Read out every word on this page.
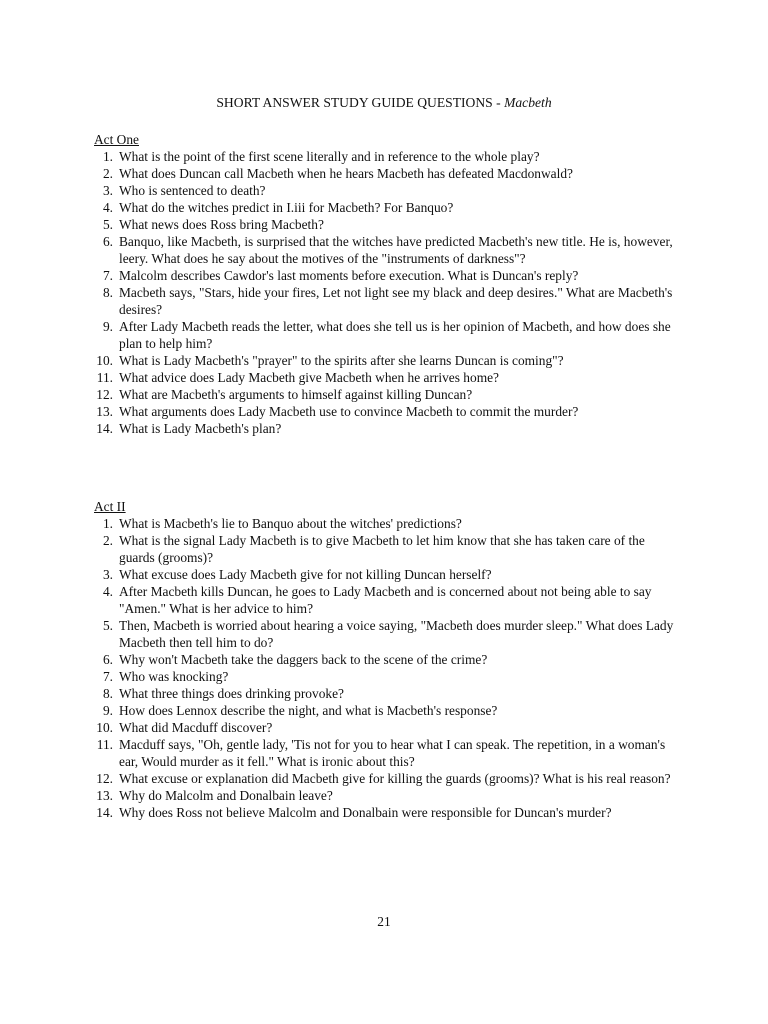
SHORT ANSWER STUDY GUIDE QUESTIONS - Macbeth
Act One
1. What is the point of the first scene literally and in reference to the whole play?
2. What does Duncan call Macbeth when he hears Macbeth has defeated Macdonwald?
3. Who is sentenced to death?
4. What do the witches predict in I.iii for Macbeth? For Banquo?
5. What news does Ross bring Macbeth?
6. Banquo, like Macbeth, is surprised that the witches have predicted Macbeth's new title. He is, however, leery. What does he say about the motives of the "instruments of darkness"?
7. Malcolm describes Cawdor's last moments before execution. What is Duncan's reply?
8. Macbeth says, "Stars, hide your fires, Let not light see my black and deep desires." What are Macbeth's desires?
9. After Lady Macbeth reads the letter, what does she tell us is her opinion of Macbeth, and how does she plan to help him?
10. What is Lady Macbeth's "prayer" to the spirits after she learns Duncan is coming"?
11. What advice does Lady Macbeth give Macbeth when he arrives home?
12. What are Macbeth's arguments to himself against killing Duncan?
13. What arguments does Lady Macbeth use to convince Macbeth to commit the murder?
14. What is Lady Macbeth's plan?
Act II
1. What is Macbeth's lie to Banquo about the witches' predictions?
2. What is the signal Lady Macbeth is to give Macbeth to let him know that she has taken care of the guards (grooms)?
3. What excuse does Lady Macbeth give for not killing Duncan herself?
4. After Macbeth kills Duncan, he goes to Lady Macbeth and is concerned about not being able to say "Amen." What is her advice to him?
5. Then, Macbeth is worried about hearing a voice saying, "Macbeth does murder sleep." What does Lady Macbeth then tell him to do?
6. Why won't Macbeth take the daggers back to the scene of the crime?
7. Who was knocking?
8. What three things does drinking provoke?
9. How does Lennox describe the night, and what is Macbeth's response?
10. What did Macduff discover?
11. Macduff says, "Oh, gentle lady, 'Tis not for you to hear what I can speak. The repetition, in a woman's ear, Would murder as it fell." What is ironic about this?
12. What excuse or explanation did Macbeth give for killing the guards (grooms)? What is his real reason?
13. Why do Malcolm and Donalbain leave?
14. Why does Ross not believe Malcolm and Donalbain were responsible for Duncan's murder?
21
